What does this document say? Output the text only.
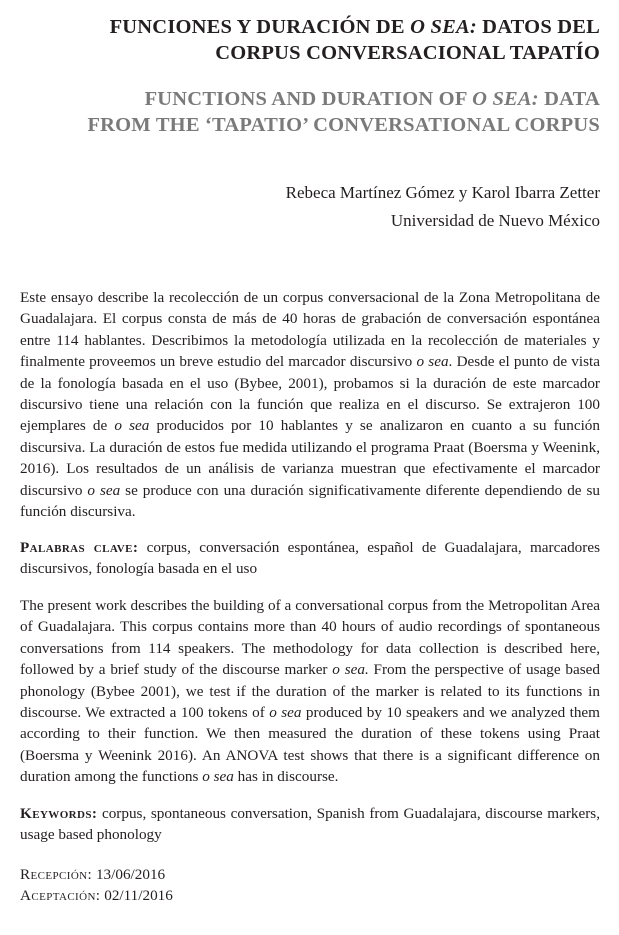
FUNCIONES Y DURACIÓN DE O SEA: DATOS DEL
CORPUS CONVERSACIONAL TAPATÍO
FUNCTIONS AND DURATION OF O SEA: DATA
FROM THE ‘TAPATIO’ CONVERSATIONAL CORPUS
Rebeca Martínez Gómez y Karol Ibarra Zetter
Universidad de Nuevo México
Este ensayo describe la recolección de un corpus conversacional de la Zona Metropolitana de Guadalajara. El corpus consta de más de 40 horas de grabación de conversación espontánea entre 114 hablantes. Describimos la metodología utilizada en la recolección de materiales y finalmente proveemos un breve estudio del marcador discursivo o sea. Desde el punto de vista de la fonología basada en el uso (Bybee, 2001), probamos si la duración de este marcador discursivo tiene una relación con la función que realiza en el discurso. Se extrajeron 100 ejemplares de o sea producidos por 10 hablantes y se analizaron en cuanto a su función discursiva. La duración de estos fue medida utilizando el programa Praat (Boersma y Weenink, 2016). Los resultados de un análisis de varianza muestran que efectivamente el marcador discursivo o sea se produce con una duración significativamente diferente dependiendo de su función discursiva.
Palabras clave: corpus, conversación espontánea, español de Guadalajara, marcadores discursivos, fonología basada en el uso
The present work describes the building of a conversational corpus from the Metropolitan Area of Guadalajara. This corpus contains more than 40 hours of audio recordings of spontaneous conversations from 114 speakers. The methodology for data collection is described here, followed by a brief study of the discourse marker o sea. From the perspective of usage based phonology (Bybee 2001), we test if the duration of the marker is related to its functions in discourse. We extracted a 100 tokens of o sea produced by 10 speakers and we analyzed them according to their function. We then measured the duration of these tokens using Praat (Boersma y Weenink 2016). An ANOVA test shows that there is a significant difference on duration among the functions o sea has in discourse.
Keywords: corpus, spontaneous conversation, Spanish from Guadalajara, discourse markers, usage based phonology
Recepción: 13/06/2016
Aceptación: 02/11/2016
